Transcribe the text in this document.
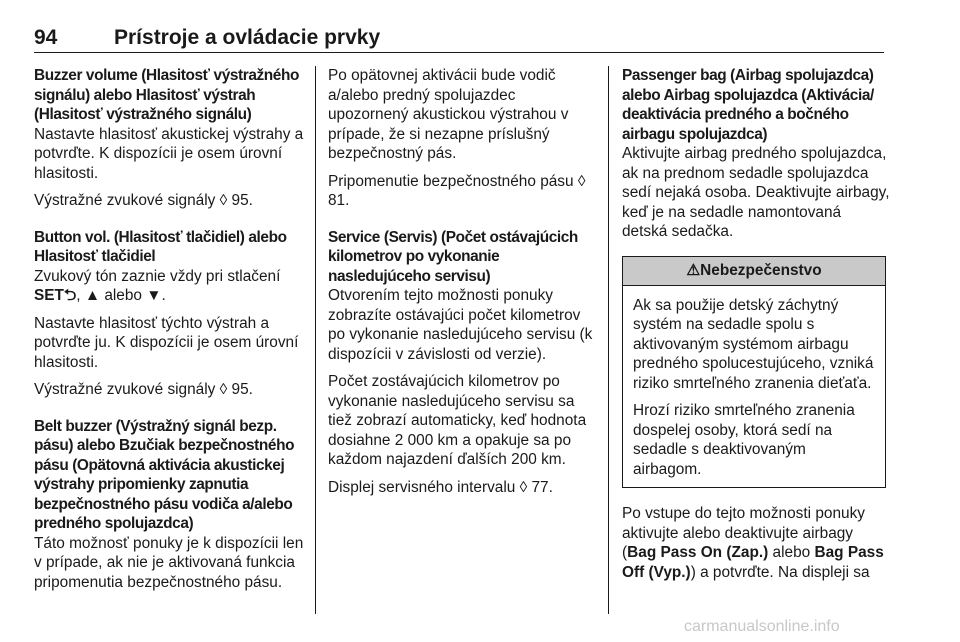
94	Prístroje a ovládacie prvky

Buzzer volume (Hlasitosť výstražného signálu) alebo Hlasitosť výstrah (Hlasitosť výstražného signálu)

Nastavte hlasitosť akustickej výstrahy a potvrďte. K dispozícii je osem úrovní hlasitosti.

Výstražné zvukové signály ◊ 95.

Button vol. (Hlasitosť tlačidiel) alebo Hlasitosť tlačidiel

Zvukový tón zaznie vždy pri stlačení SET⮌, ▲ alebo ▼.

Nastavte hlasitosť týchto výstrah a potvrďte ju. K dispozícii je osem úrovní hlasitosti.

Výstražné zvukové signály ◊ 95.

Belt buzzer (Výstražný signál bezp. pásu) alebo Bzučiak bezpečnostného pásu (Opätovná aktivácia akustickej výstrahy pripomienky zapnutia bezpečnostného pásu vodiča a/alebo predného spolujazdca)

Táto možnosť ponuky je k dispozícii len v prípade, ak nie je aktivovaná funkcia pripomenutia bezpečnostného pásu.

Po opätovnej aktivácii bude vodič a/alebo predný spolujazdec upozornený akustickou výstrahou v prípade, že si nezapne príslušný bezpečnostný pás.

Pripomenutie bezpečnostného pásu ◊ 81.

Service (Servis) (Počet ostávajúcich kilometrov po vykonanie nasledujúceho servisu)

Otvorením tejto možnosti ponuky zobrazíte ostávajúci počet kilometrov po vykonanie nasledujúceho servisu (k dispozícii v závislosti od verzie).

Počet zostávajúcich kilometrov po vykonanie nasledujúceho servisu sa tiež zobrazí automaticky, keď hodnota dosiahne 2 000 km a opakuje sa po každom najazdení ďalších 200 km.

Displej servisného intervalu ◊ 77.

Passenger bag (Airbag spolujazdca) alebo Airbag spolujazdca (Aktivácia/ deaktivácia predného a bočného airbagu spolujazdca)

Aktivujte airbag predného spolujazdca, ak na prednom sedadle spolujazdca sedí nejaká osoba. Deaktivujte airbagy, keď je na sedadle namontovaná detská sedačka.

⚠Nebezpečenstvo

Ak sa použije detský záchytný systém na sedadle spolu s aktivovaným systémom airbagu predného spolucestujúceho, vzniká riziko smrteľného zranenia dieťaťa.

Hrozí riziko smrteľného zranenia dospelej osoby, ktorá sedí na sedadle s deaktivovaným airbagom.

Po vstupe do tejto možnosti ponuky aktivujte alebo deaktivujte airbagy (Bag Pass On (Zap.) alebo Bag Pass Off (Vyp.)) a potvrďte. Na displeji sa

carmanualsonline.info
